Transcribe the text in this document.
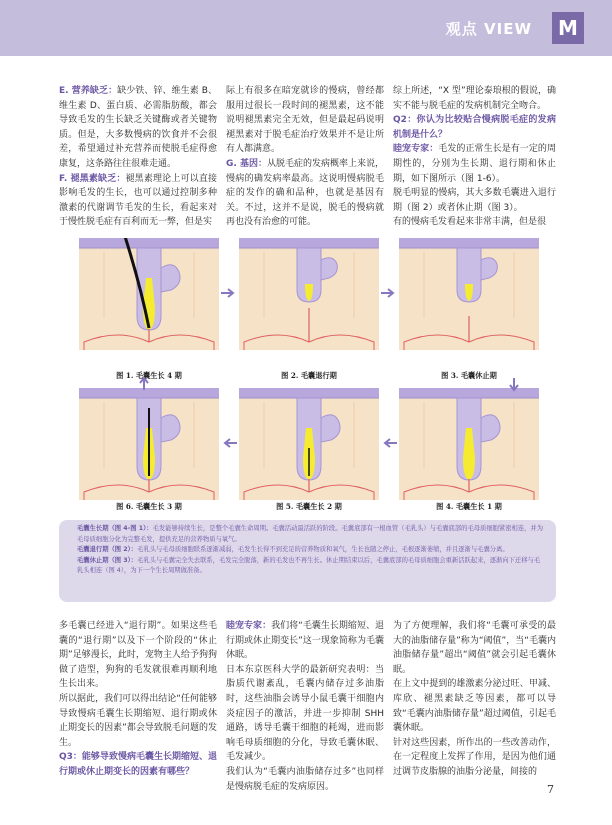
观点 VIEW	M

E. 营养缺乏：缺少铁、锌、维生素 B、维生素 D、蛋白质、必需脂肪酸，都会导致毛发的生长缺乏关键酶或者关键物质。但是，大多数慢病的饮食并不会很差，希望通过补充营养而使脱毛症得愈康复，这条路往往很难走通。

F. 褪黑素缺乏：褪黑素理论上可以直接影响毛发的生长，也可以通过控制多种激素的代谢调节毛发的生长，看起来对于慢性脱毛症有百利而无一弊，但是实

际上有很多在暗宠就诊的慢病，曾经都服用过很长一段时间的褪黑素，这不能说明褪黑素完全无效，但是最起码说明褪黑素对于脱毛症治疗效果并不是让所有人都满意。

G. 基因：从脱毛症的发病概率上来说，慢病的确发病率最高。这说明慢病脱毛症的发作的确和品种，也就是基因有关。不过，这并不是说，脱毛的慢病就再也没有治愈的可能。

综上所述，“X 型”理论泰琅根的假说，确实不能与脱毛症的发病机制完全吻合。

Q2：你认为比较贴合慢病脱毛症的发病机制是什么？

睦宠专家：毛发的正常生长是有一定的周期性的，分别为生长期、退行期和休止期，如下图所示（图 1-6）。

脱毛明显的慢病，其大多数毛囊进入退行期（图 2）或者休止期（图 3）。

有的慢病毛发看起来非常丰满，但是很

图 1. 毛囊生长 4 期	图 2. 毛囊退行期	图 3. 毛囊休止期
图 6. 毛囊生长 3 期	图 5. 毛囊生长 2 期	图 4. 毛囊生长 1 期

毛囊生长期（图 4-图 1）：毛发能够持续生长，是整个毛囊生命周期。毛囊活动最活跃的阶段。毛囊底部有一根血管（毛乳头）与毛囊底部的毛母质细胞紧密相连，并为毛母质细胞分化为完整毛发，提供充足的营养物质与氧气。

毛囊退行期（图 2）：毛乳头与毛母质细胞联系逐渐减弱，毛发生长得不到充足的营养物质和氧气，生长也随之停止，毛根逐渐萎缩，并且逐渐与毛囊分离。

毛囊休止期（图 3）：毛乳头与毛囊完全失去联系，毛发完全脱落，新的毛发也不再生长。休止期结束以后，毛囊底部的毛母质细胞会重新活跃起来，逐渐向下迁移与毛乳头相连（图 4），为下一个生长周期做准备。

多毛囊已经进入“退行期”。如果这些毛囊的“退行期”以及下一个阶段的“休止期”足够漫长，此时，宠物主人给予狗狗做了造型，狗狗的毛发就很难再顺利地生长出来。

所以据此，我们可以得出结论“任何能够导致慢病毛囊生长期缩短、退行期或休止期变长的因素”都会导致脱毛问题的发生。

Q3：能够导致慢病毛囊生长期缩短、退行期或休止期变长的因素有哪些？

睦宠专家：我们将“毛囊生长期缩短、退行期或休止期变长”这一现象简称为毛囊休眠。

日本东京医科大学的最新研究表明：当脂质代谢紊乱，毛囊内储存过多油脂时，这些油脂会诱导小鼠毛囊干细胞内炎症因子的激活，并进一步抑制 SHH 通路，诱导毛囊干细胞的耗竭，进而影响毛母质细胞的分化，导致毛囊休眠、毛发减少。

我们认为“毛囊内油脂储存过多”也同样是慢病脱毛症的发病原因。

为了方便理解，我们将“毛囊可承受的最大的油脂储存量”称为“阈值”，当“毛囊内油脂储存量”超出“阈值”就会引起毛囊休眠。

在上文中提到的雄激素分泌过旺、甲减、库欣、褪黑素缺乏等因素，都可以导致“毛囊内油脂储存量”超过阈值，引起毛囊休眠。

针对这些因素，所作出的一些改善动作，在一定程度上发挥了作用，是因为他们通过调节皮脂腺的油脂分泌量，间接的

7
